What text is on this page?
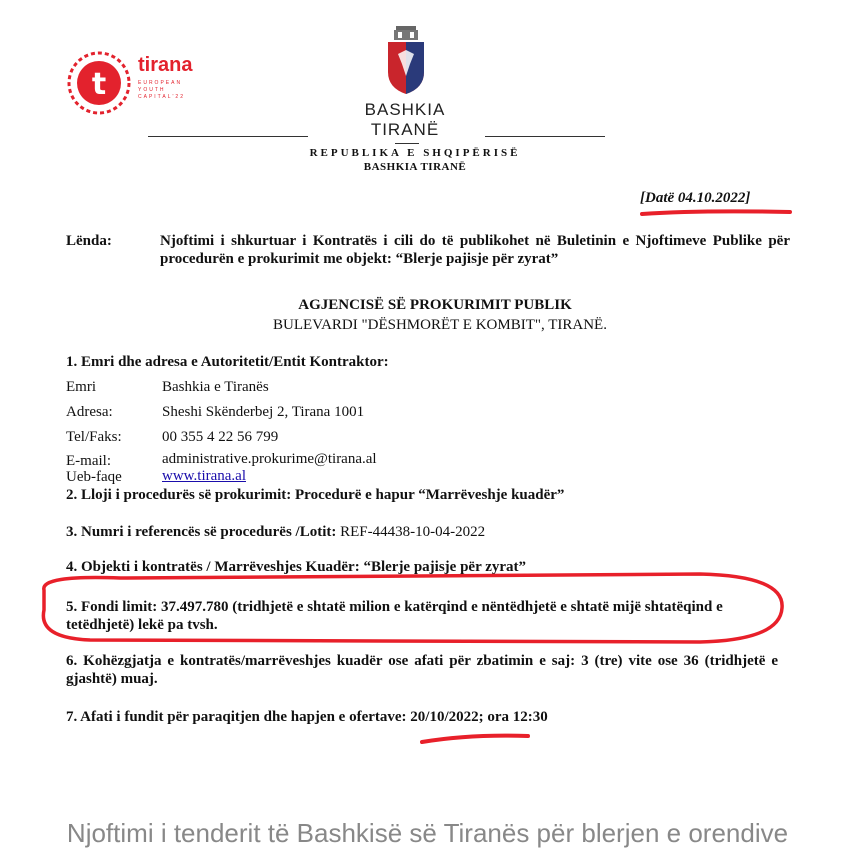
t
tirana
EUROPEAN YOUTH CAPITAL'22
BASHKIA
TIRANË
REPUBLIKA E SHQIPËRISË
BASHKIA TIRANË
[Datë 04.10.2022]
Lënda:	Njoftimi i shkurtuar i Kontratës i cili do të publikohet në Buletinin e Njoftimeve Publike për procedurën e prokurimit me objekt: “Blerje pajisje për zyrat”
AGJENCISË SË PROKURIMIT PUBLIK
BULEVARDI "DËSHMORËT E KOMBIT", TIRANË.
1. Emri dhe adresa e Autoritetit/Entit Kontraktor:
Emri	Bashkia e Tiranës
Adresa:	Sheshi Skënderbej 2, Tirana 1001
Tel/Faks:	00 355 4 22 56 799
E-mail:	administrative.prokurime@tirana.al
Ueb-faqe	www.tirana.al
2. Lloji i procedurës së prokurimit: Procedurë e hapur “Marrëveshje kuadër”
3. Numri i referencës së procedurës /Lotit: REF-44438-10-04-2022
4. Objekti i kontratës / Marrëveshjes Kuadër: “Blerje pajisje për zyrat”
5. Fondi limit: 37.497.780 (tridhjetë e shtatë milion e katërqind e nëntëdhjetë e shtatë mijë shtatëqind e tetëdhjetë) lekë pa tvsh.
6. Kohëzgjatja e kontratës/marrëveshjes kuadër ose afati për zbatimin e saj: 3 (tre) vite ose 36 (tridhjetë e gjashtë) muaj.
7. Afati i fundit për paraqitjen dhe hapjen e ofertave: 20/10/2022; ora 12:30
Njoftimi i tenderit të Bashkisë së Tiranës për blerjen e orendive
